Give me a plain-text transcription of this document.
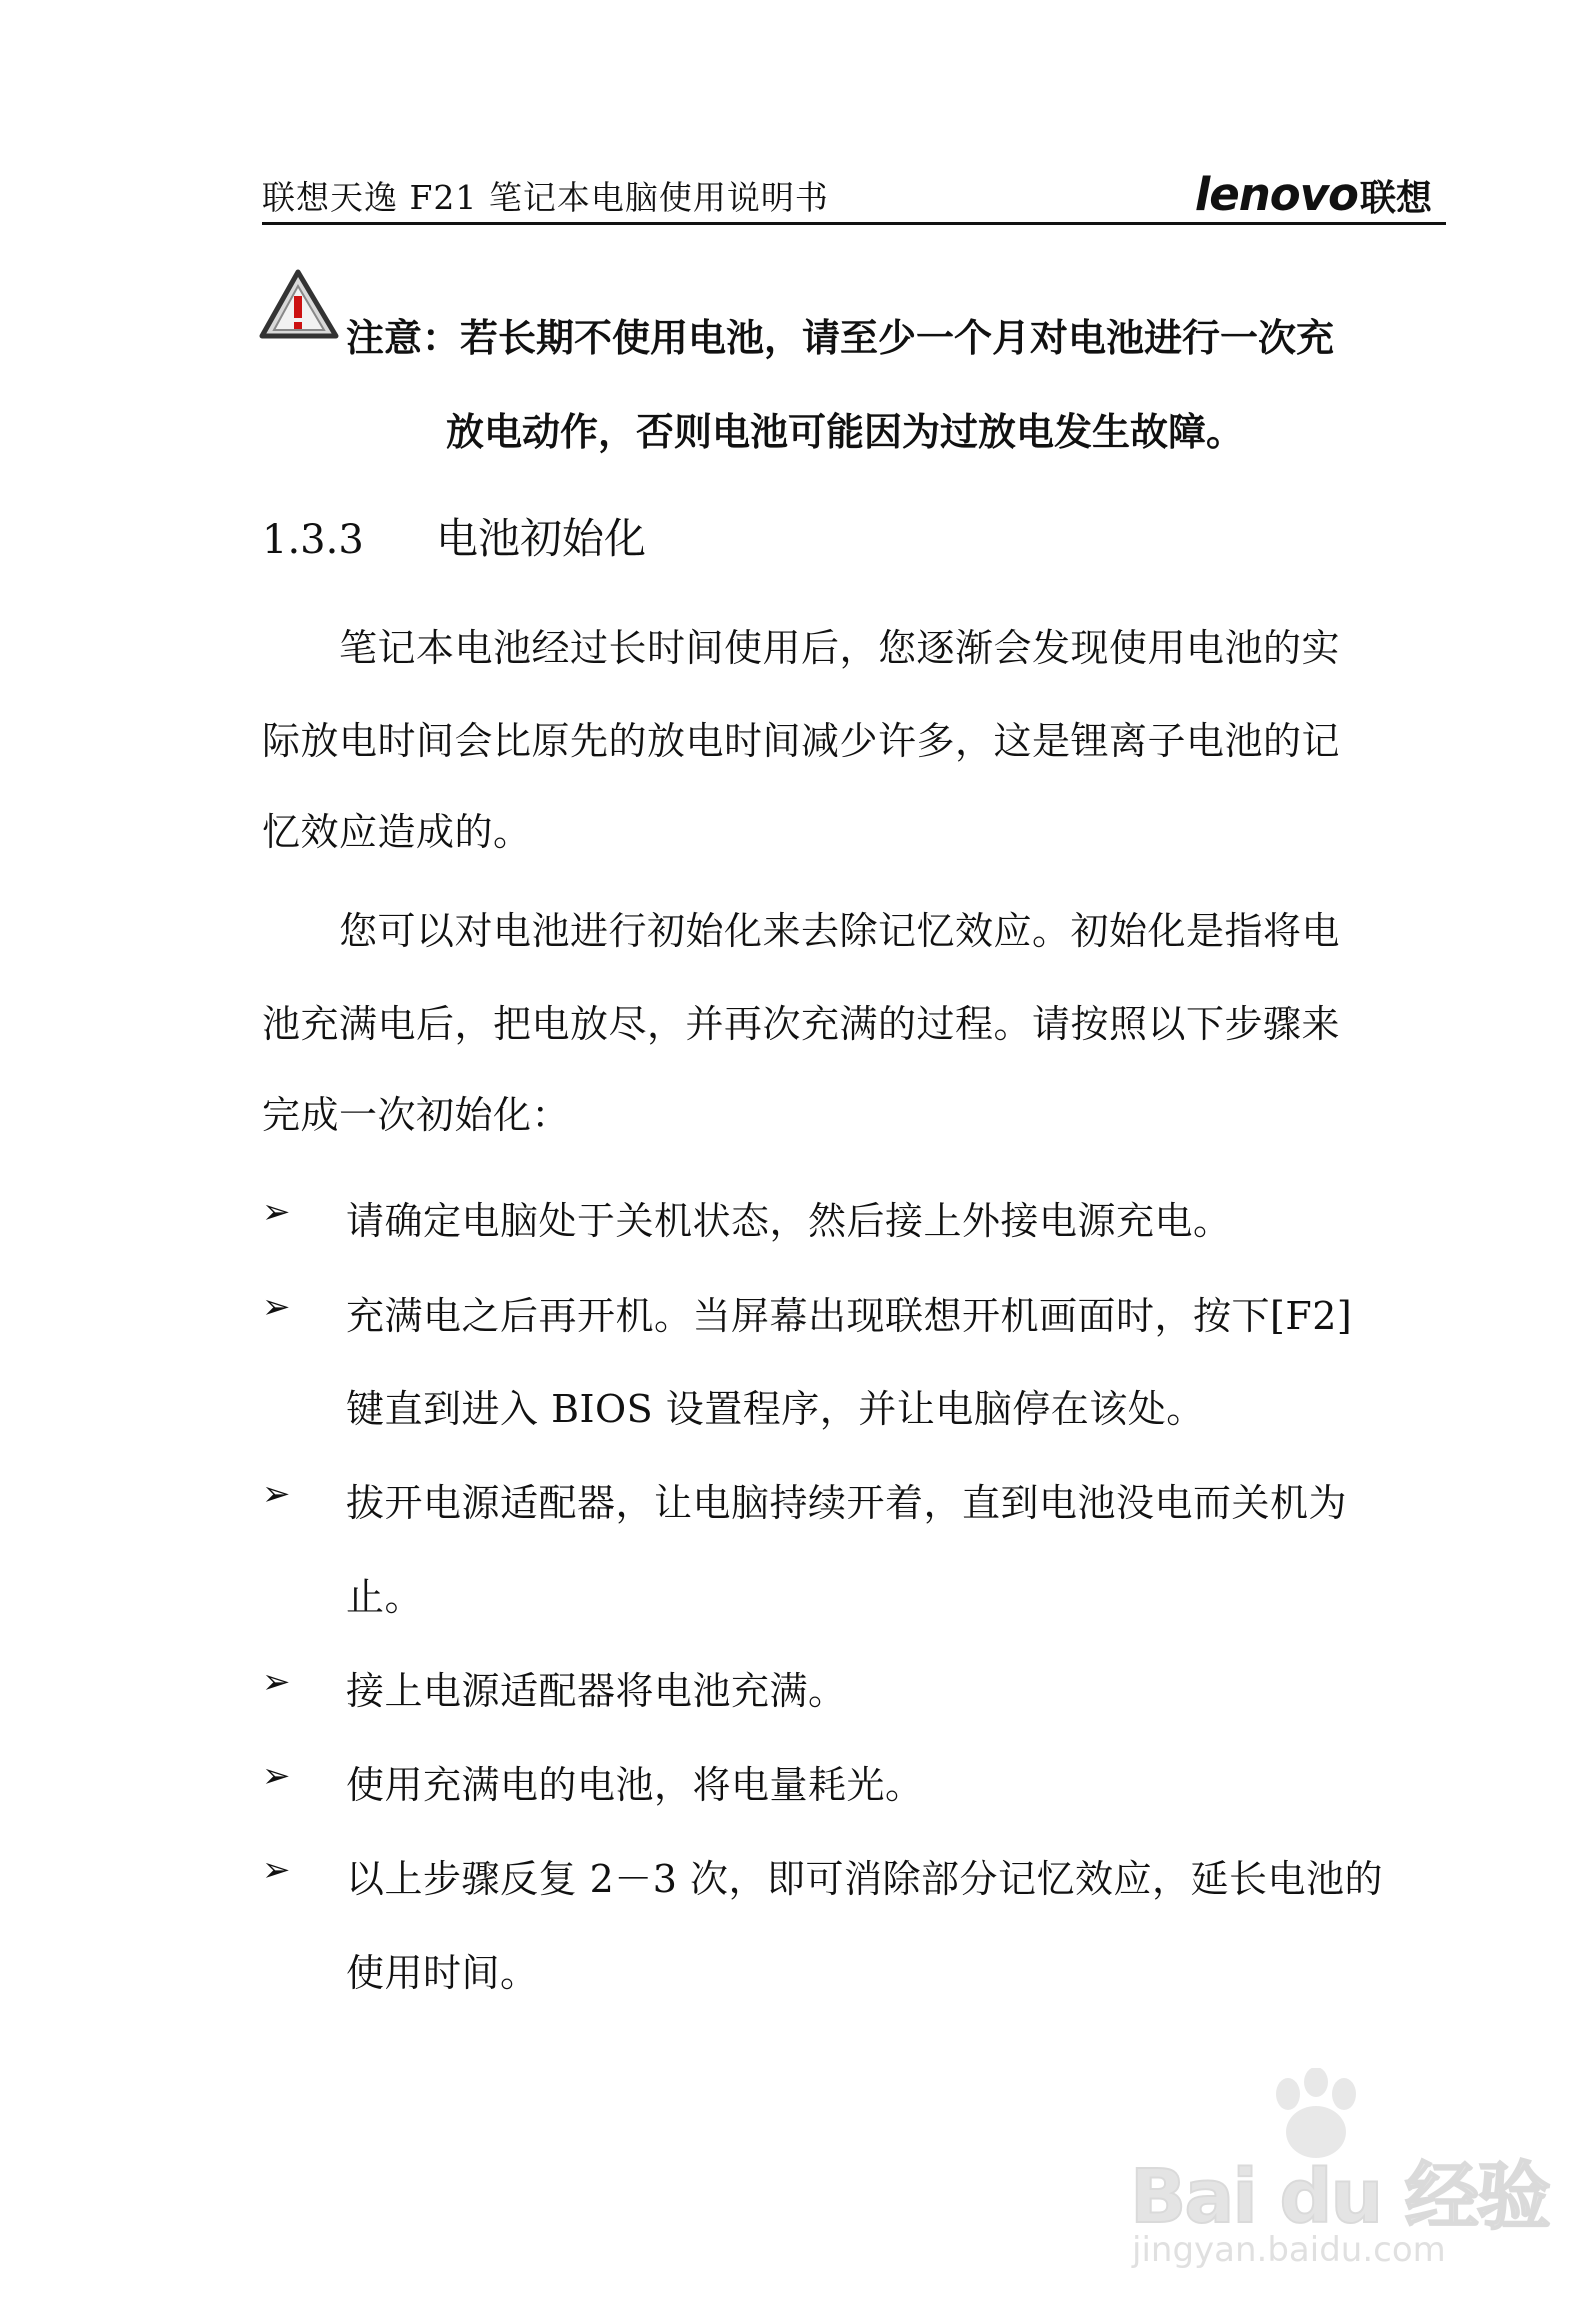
联想天逸 F21 笔记本电脑使用说明书	lenovo 联想
注意：若长期不使用电池，请至少一个月对电池进行一次充
放电动作，否则电池可能因为过放电发生故障。
1.3.3 电池初始化
　　笔记本电池经过长时间使用后，您逐渐会发现使用电池的实
际放电时间会比原先的放电时间减少许多，这是锂离子电池的记
忆效应造成的。
　　您可以对电池进行初始化来去除记忆效应。初始化是指将电
池充满电后，把电放尽，并再次充满的过程。请按照以下步骤来
完成一次初始化：
➢ 请确定电脑处于关机状态，然后接上外接电源充电。
➢ 充满电之后再开机。当屏幕出现联想开机画面时，按下[F2]
键直到进入 BIOS 设置程序，并让电脑停在该处。
➢ 拔开电源适配器，让电脑持续开着，直到电池没电而关机为
止。
➢ 接上电源适配器将电池充满。
➢ 使用充满电的电池，将电量耗光。
➢ 以上步骤反复 2－3 次，即可消除部分记忆效应，延长电池的
使用时间。
Bai du 经验
jingyan.baidu.com
